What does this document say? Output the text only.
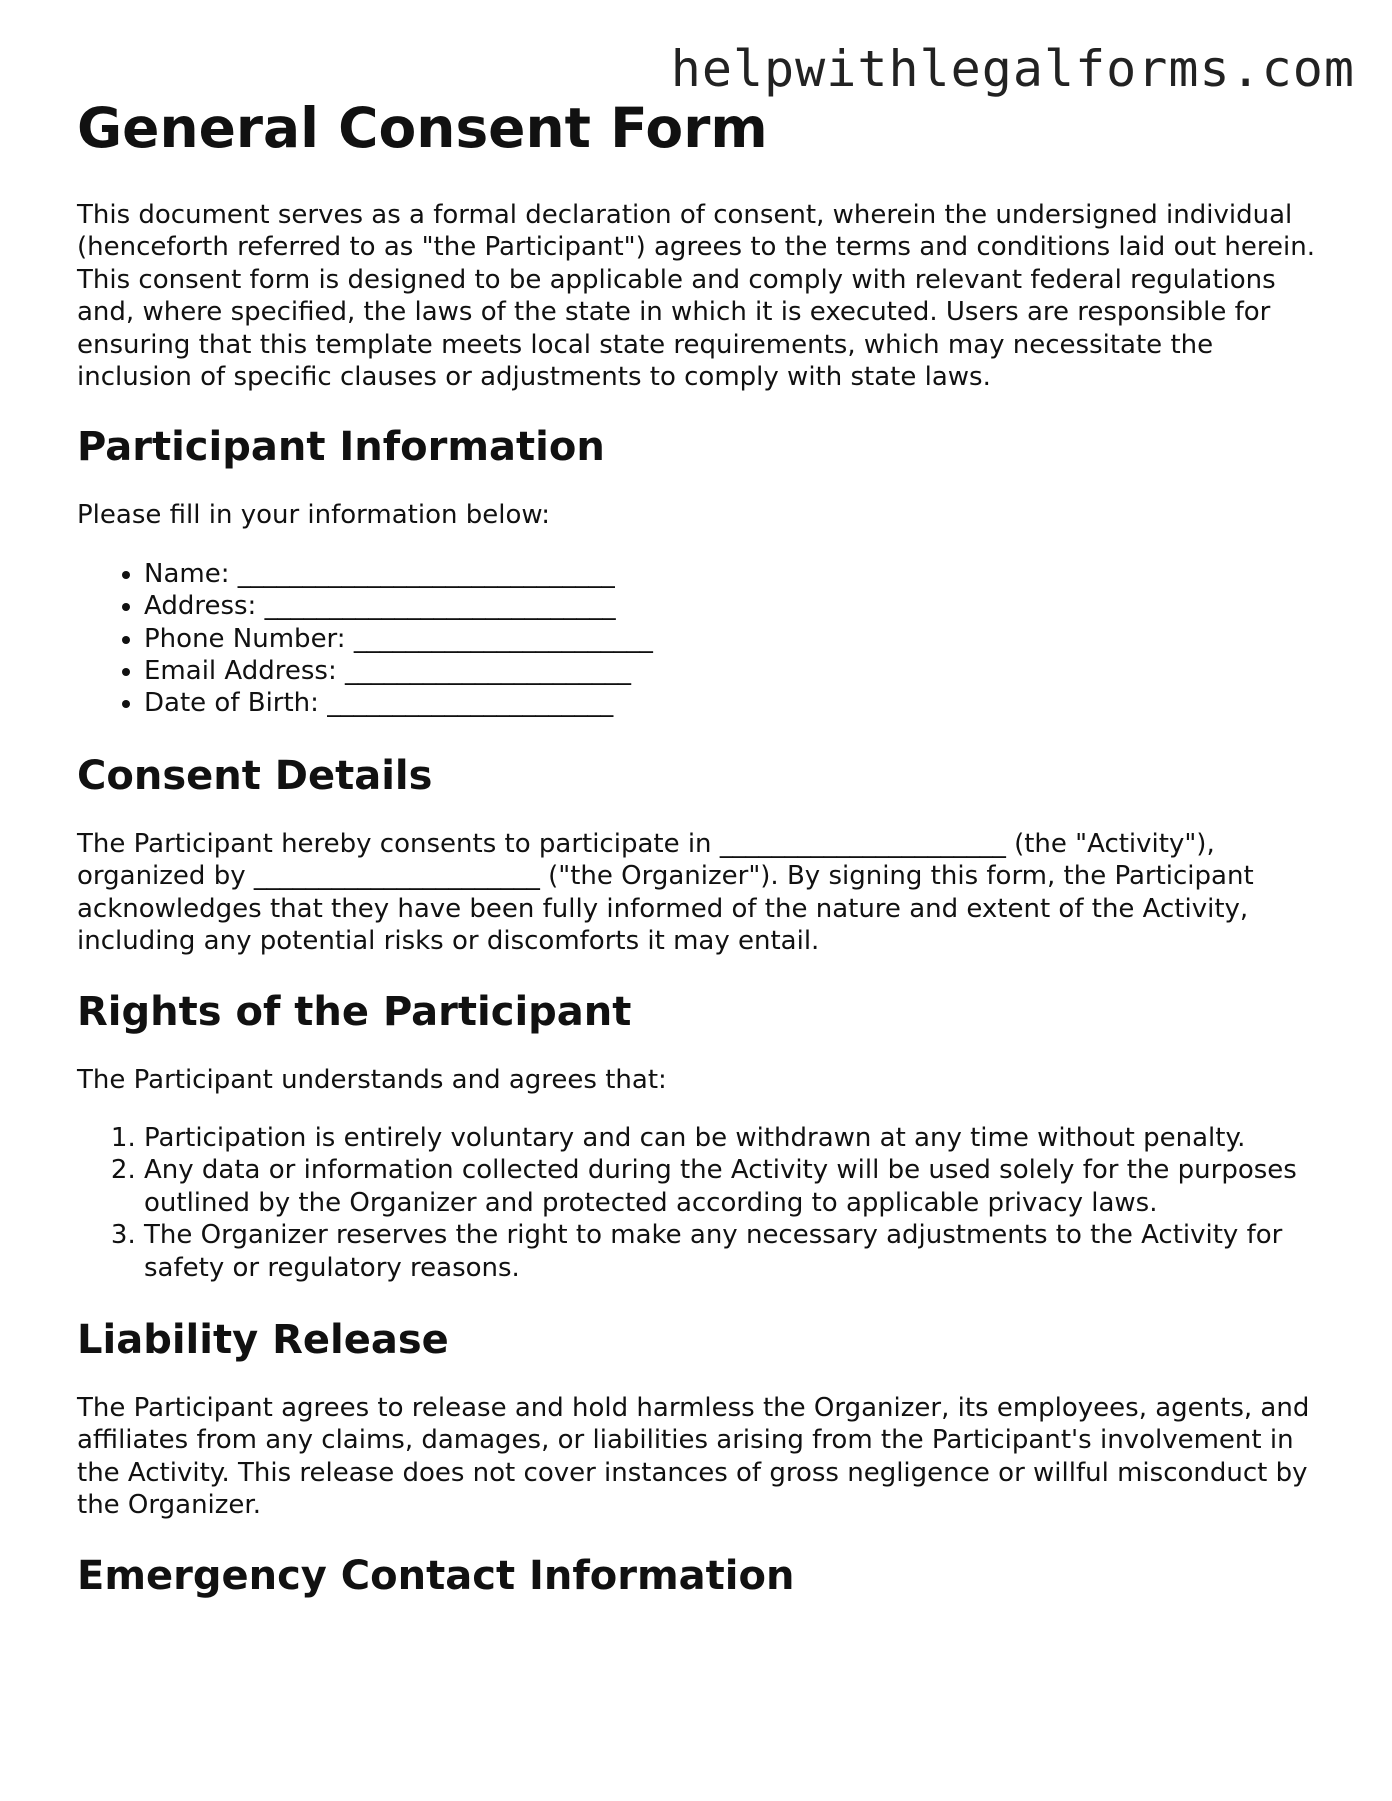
helpwithlegalforms.com
General Consent Form

This document serves as a formal declaration of consent, wherein the undersigned individual (henceforth referred to as "the Participant") agrees to the terms and conditions laid out herein. This consent form is designed to be applicable and comply with relevant federal regulations and, where specified, the laws of the state in which it is executed. Users are responsible for ensuring that this template meets local state requirements, which may necessitate the inclusion of specific clauses or adjustments to comply with state laws.

Participant Information

Please fill in your information below:

• Name: _____________________________
• Address: ___________________________
• Phone Number: _______________________
• Email Address: ______________________
• Date of Birth: ______________________
Consent Details

The Participant hereby consents to participate in ______________________ (the "Activity"), organized by ______________________ ("the Organizer"). By signing this form, the Participant acknowledges that they have been fully informed of the nature and extent of the Activity, including any potential risks or discomforts it may entail.

Rights of the Participant

The Participant understands and agrees that:

1. Participation is entirely voluntary and can be withdrawn at any time without penalty.
2. Any data or information collected during the Activity will be used solely for the purposes outlined by the Organizer and protected according to applicable privacy laws.
3. The Organizer reserves the right to make any necessary adjustments to the Activity for safety or regulatory reasons.
Liability Release

The Participant agrees to release and hold harmless the Organizer, its employees, agents, and affiliates from any claims, damages, or liabilities arising from the Participant's involvement in the Activity. This release does not cover instances of gross negligence or willful misconduct by the Organizer.

Emergency Contact Information
